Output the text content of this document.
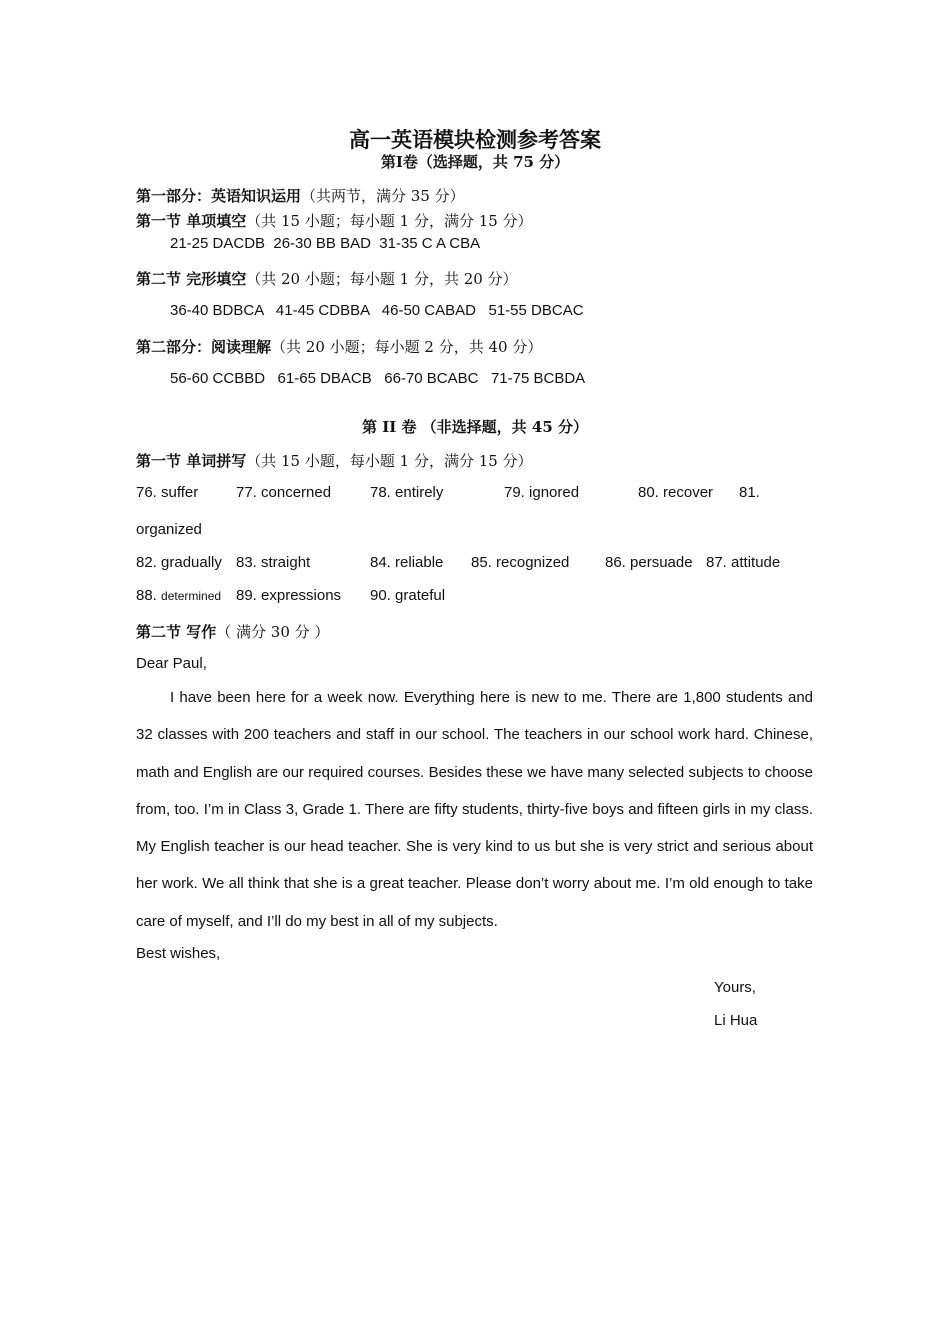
高一英语模块检测参考答案
第Ⅰ卷（选择题，共 75 分）
第一部分：英语知识运用（共两节，满分 35 分）
第一节 单项填空（共 15 小题；每小题 1 分，满分 15 分）
21-25 DACDB  26-30 BB BAD  31-35 C A CBA
第二节 完形填空（共 20 小题；每小题 1 分，共 20 分）
36-40 BDBCA   41-45 CDBBA   46-50 CABAD   51-55 DBCAC
第二部分：阅读理解（共 20 小题；每小题 2 分，共 40 分）
56-60 CCBBD   61-65 DBACB   66-70 BCABC   71-75 BCBDA
第 II 卷 （非选择题，共 45 分）
第一节 单词拼写（共 15 小题，每小题 1 分，满分 15 分）
76. suffer	77. concerned	78. entirely	79. ignored	80. recover 81.
organized
82. gradually 83. straight	84. reliable 85. recognized 86. persuade 87. attitude
88. determined 89. expressions 90. grateful
第二节 写作（ 满分 30 分 ）
Dear Paul,
I have been here for a week now. Everything here is new to me. There are 1,800 students and 32 classes with 200 teachers and staff in our school. The teachers in our school work hard. Chinese, math and English are our required courses. Besides these we have many selected subjects to choose from, too. I’m in Class 3, Grade 1. There are fifty students, thirty-five boys and fifteen girls in my class. My English teacher is our head teacher. She is very kind to us but she is very strict and serious about her work. We all think that she is a great teacher. Please don’t worry about me. I’m old enough to take care of myself, and I’ll do my best in all of my subjects.
Best wishes,
Yours,
Li Hua
